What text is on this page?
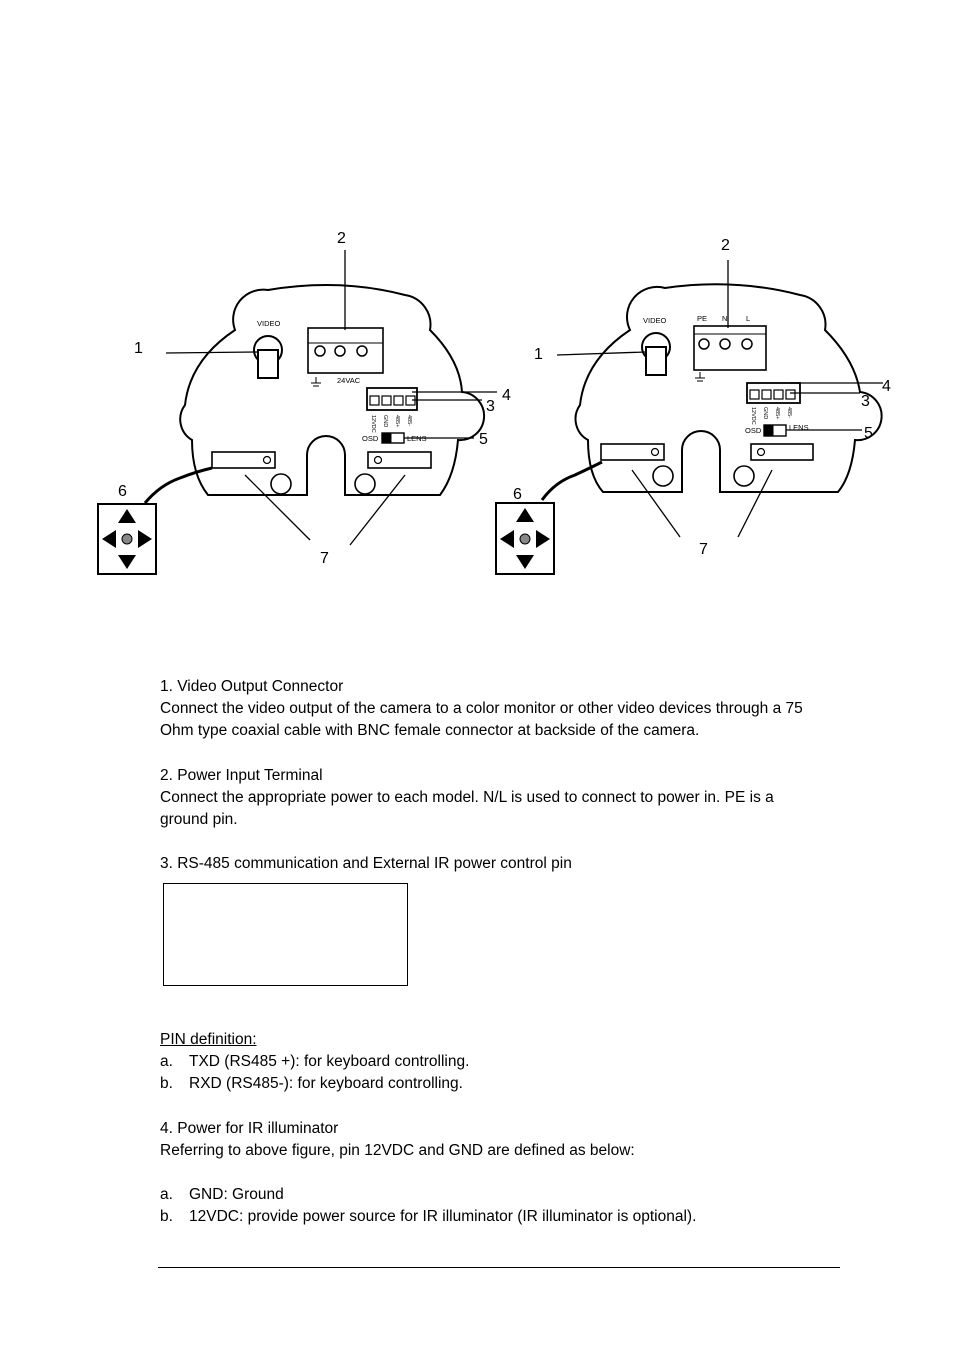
VIDEO
24VAC
OSD	LENS
VIDEO	PE N L
OSD	LENS
12VDC GND 485+ 485-	12VDC GND 485+ 485-
1
2
3
4
5
6
7
1
2
3
4
5
6
7
1. Video Output Connector
Connect the video output of the camera to a color monitor or other video devices through a 75
Ohm type coaxial cable with BNC female connector at backside of the camera.
2. Power Input Terminal
Connect the appropriate power to each model. N/L is used to connect to power in. PE is a
ground pin.
3. RS-485 communication and External IR power control pin
PIN definition:
a. TXD (RS485 +): for keyboard controlling.
b. RXD (RS485-): for keyboard controlling.
4. Power for IR illuminator
Referring to above figure, pin 12VDC and GND are defined as below:
a. GND: Ground
b. 12VDC: provide power source for IR illuminator (IR illuminator is optional).
